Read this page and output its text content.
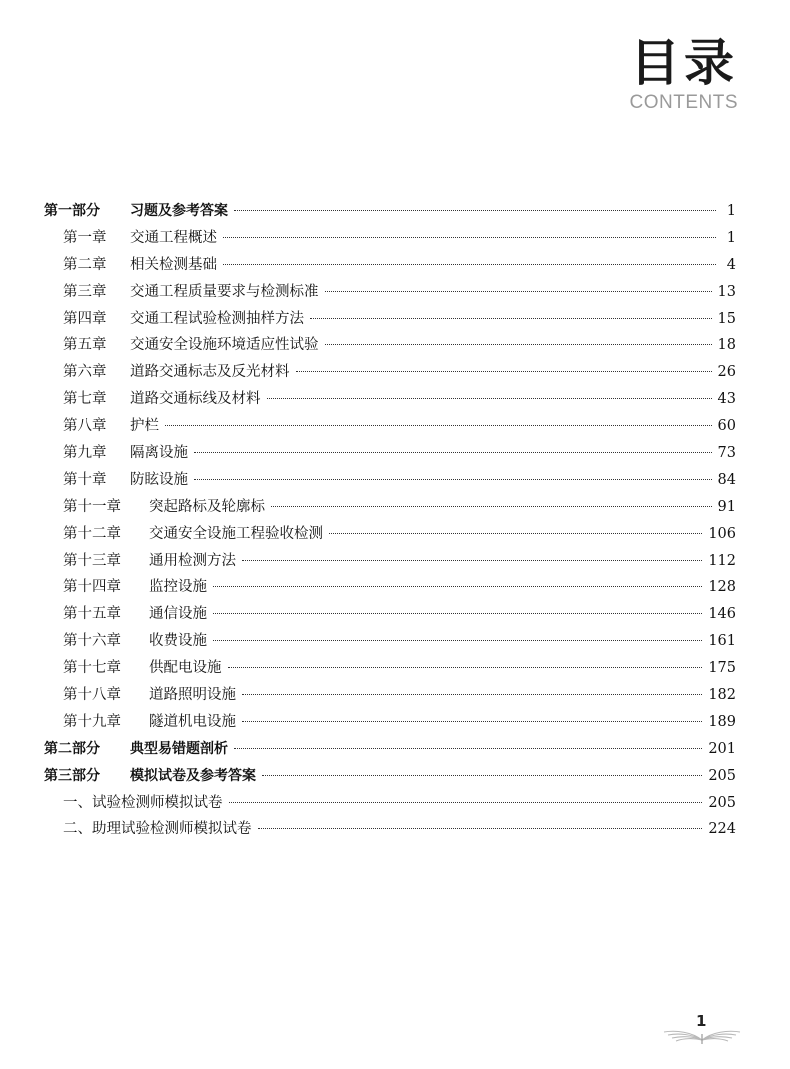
目录
CONTENTS
第一部分	习题及参考答案	1
第一章	交通工程概述	1
第二章	相关检测基础	4
第三章	交通工程质量要求与检测标准	13
第四章	交通工程试验检测抽样方法	15
第五章	交通安全设施环境适应性试验	18
第六章	道路交通标志及反光材料	26
第七章	道路交通标线及材料	43
第八章	护栏	60
第九章	隔离设施	73
第十章	防眩设施	84
第十一章	突起路标及轮廓标	91
第十二章	交通安全设施工程验收检测	106
第十三章	通用检测方法	112
第十四章	监控设施	128
第十五章	通信设施	146
第十六章	收费设施	161
第十七章	供配电设施	175
第十八章	道路照明设施	182
第十九章	隧道机电设施	189
第二部分	典型易错题剖析	201
第三部分	模拟试卷及参考答案	205
一、试验检测师模拟试卷	205
二、助理试验检测师模拟试卷	224
1
